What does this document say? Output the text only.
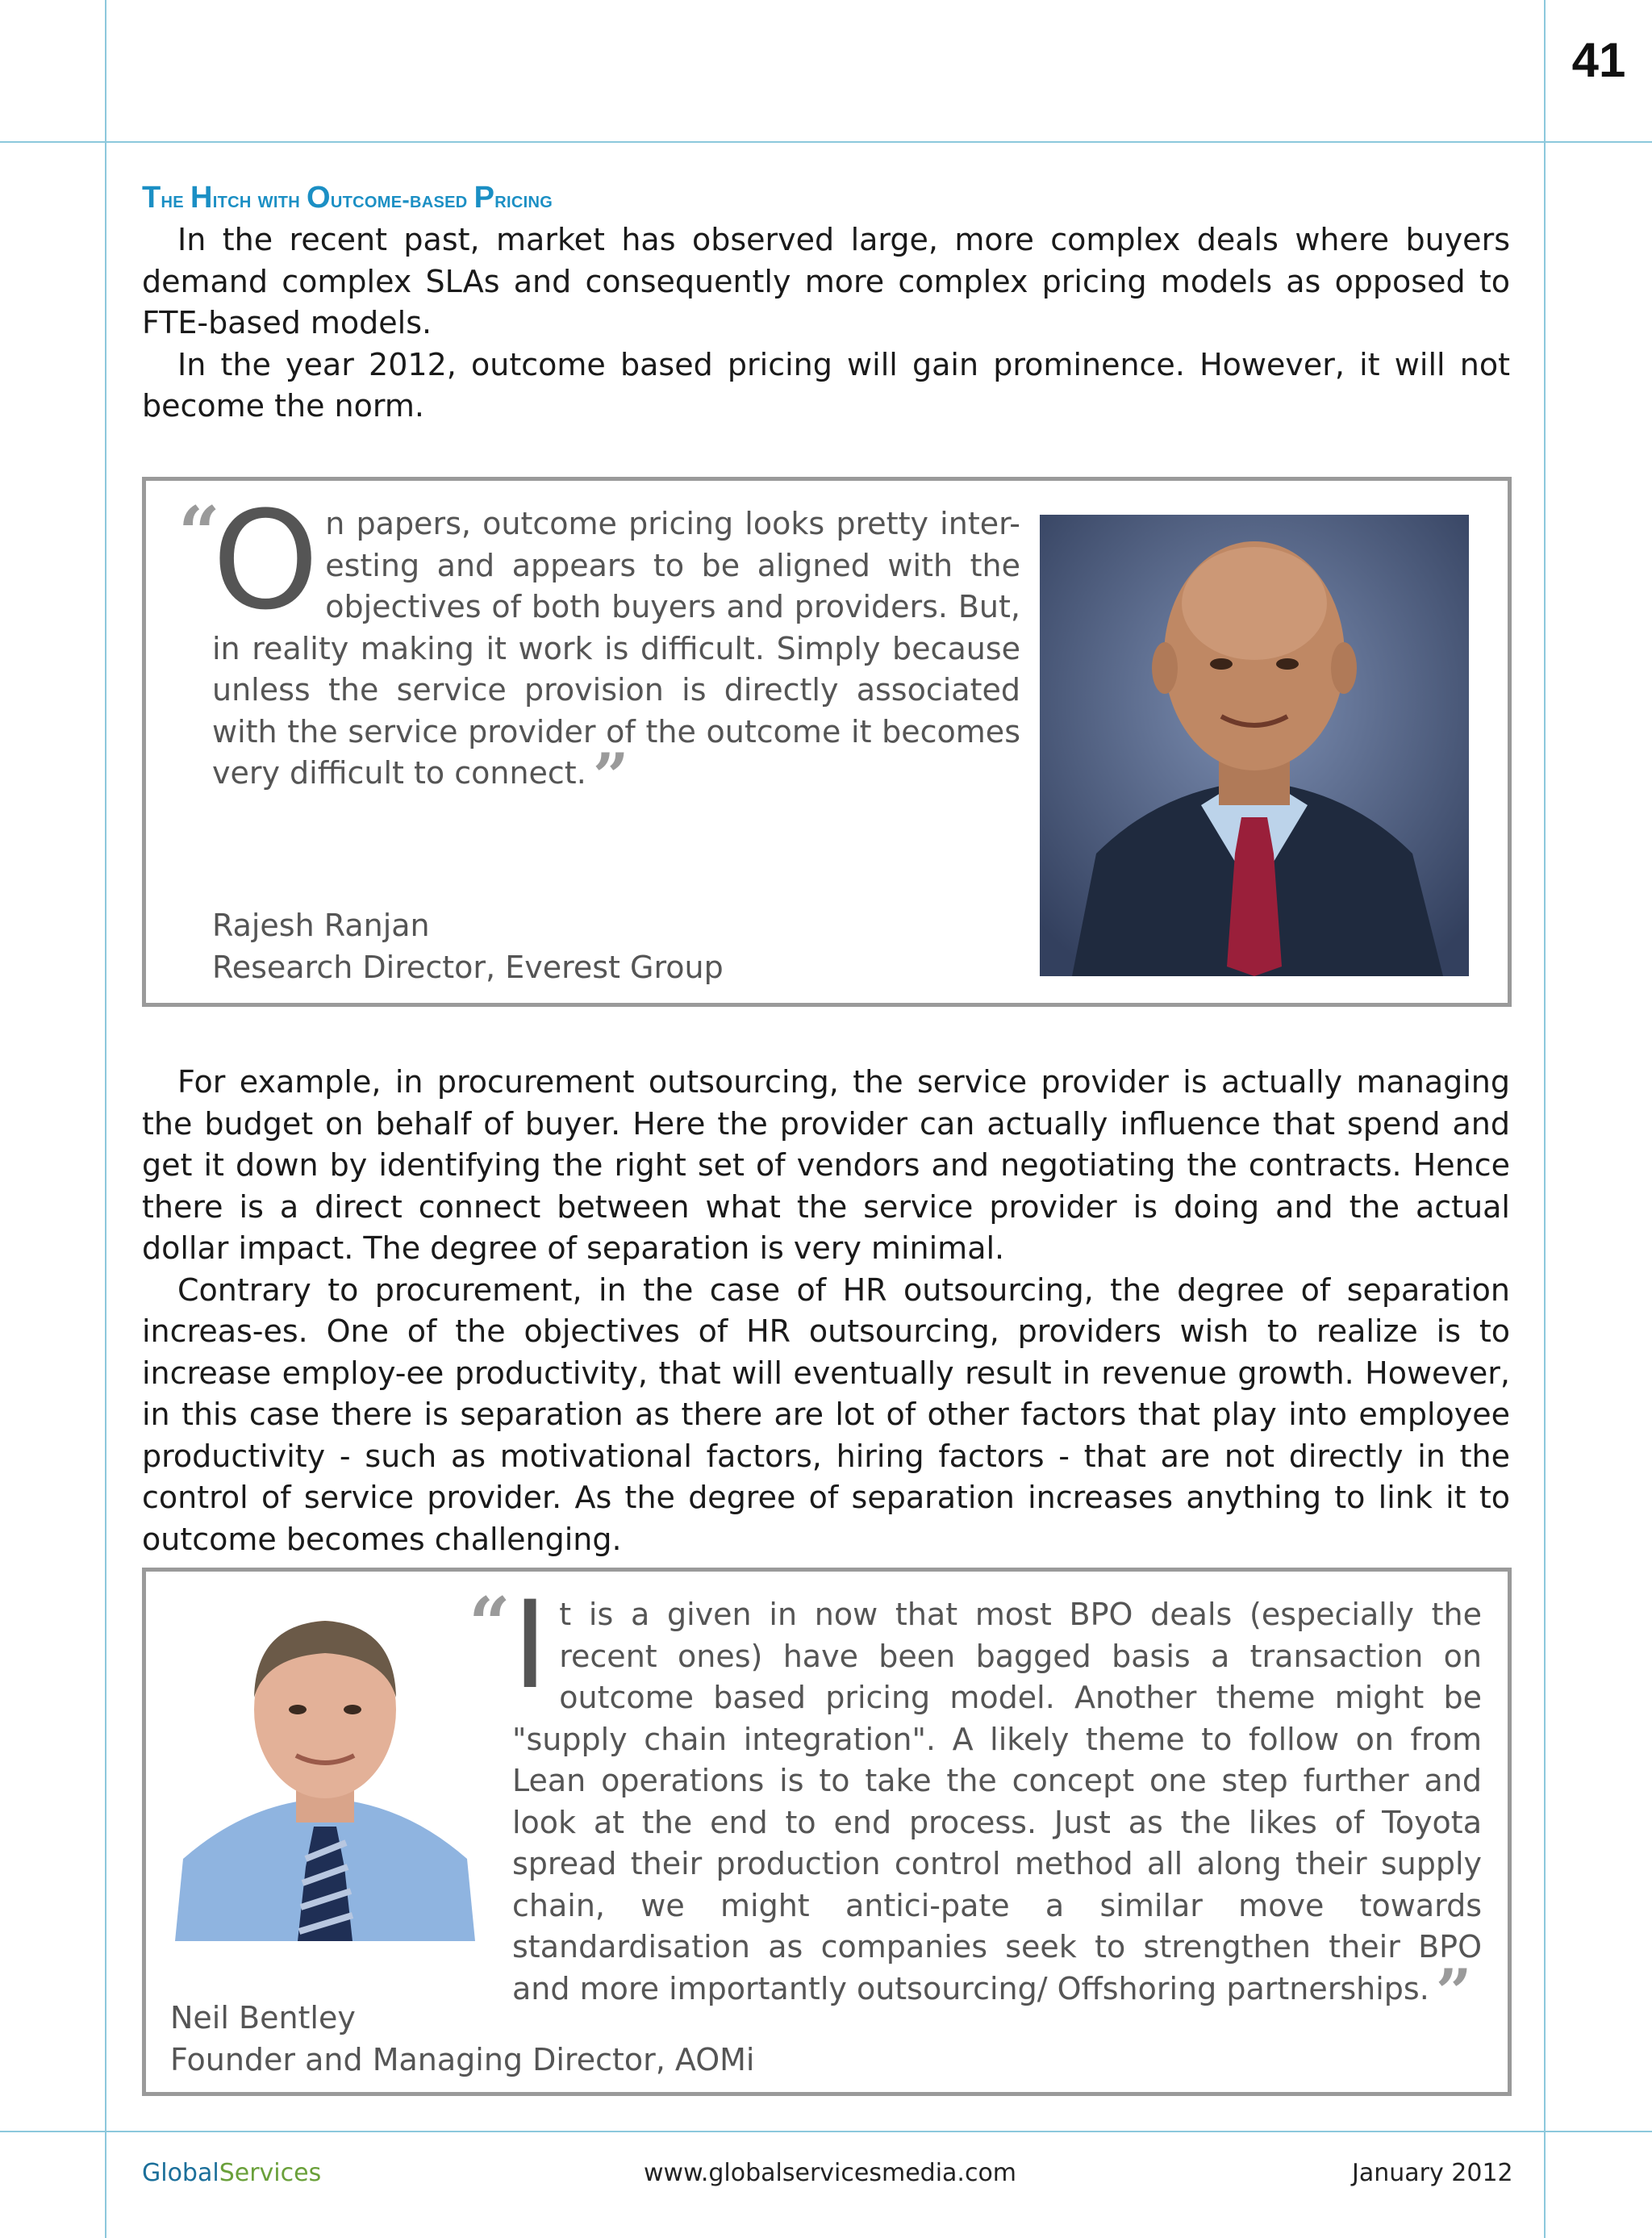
41
The Hitch with Outcome-based Pricing

In the recent past, market has observed large, more complex deals where buyers demand complex SLAs and consequently more complex pricing models as opposed to FTE-based models.

In the year 2012, outcome based pricing will gain prominence. However, it will not become the norm.

“
On papers, outcome pricing looks pretty inter-esting and appears to be aligned with the objectives of both buyers and providers. But, in reality making it work is difficult. Simply because unless the service provision is directly associated with the service provider of the outcome it becomes very difficult to connect. ”
Rajesh Ranjan
Research Director, Everest Group

For example, in procurement outsourcing, the service provider is actually managing the budget on behalf of buyer. Here the provider can actually influence that spend and get it down by identifying the right set of vendors and negotiating the contracts. Hence there is a direct connect between what the service provider is doing and the actual dollar impact. The degree of separation is very minimal.

Contrary to procurement, in the case of HR outsourcing, the degree of separation increas-es. One of the objectives of HR outsourcing, providers wish to realize is to increase employ-ee productivity, that will eventually result in revenue growth. However, in this case there is separation as there are lot of other factors that play into employee productivity - such as motivational factors, hiring factors - that are not directly in the control of service provider. As the degree of separation increases anything to link it to outcome becomes challenging.

“ It is a given in now that most BPO deals (especially the recent ones) have been bagged basis a transaction on outcome based pricing model. Another theme might be "supply chain integration". A likely theme to follow on from Lean operations is to take the concept one step further and look at the end to end process. Just as the likes of Toyota spread their production control method all along their supply chain, we might antici-pate a similar move towards standardisation as companies seek to strengthen their BPO and more importantly outsourcing/ Offshoring partnerships. ”
Neil Bentley
Founder and Managing Director, AOMi
GlobalServices	www.globalservicesmedia.com	January 2012
